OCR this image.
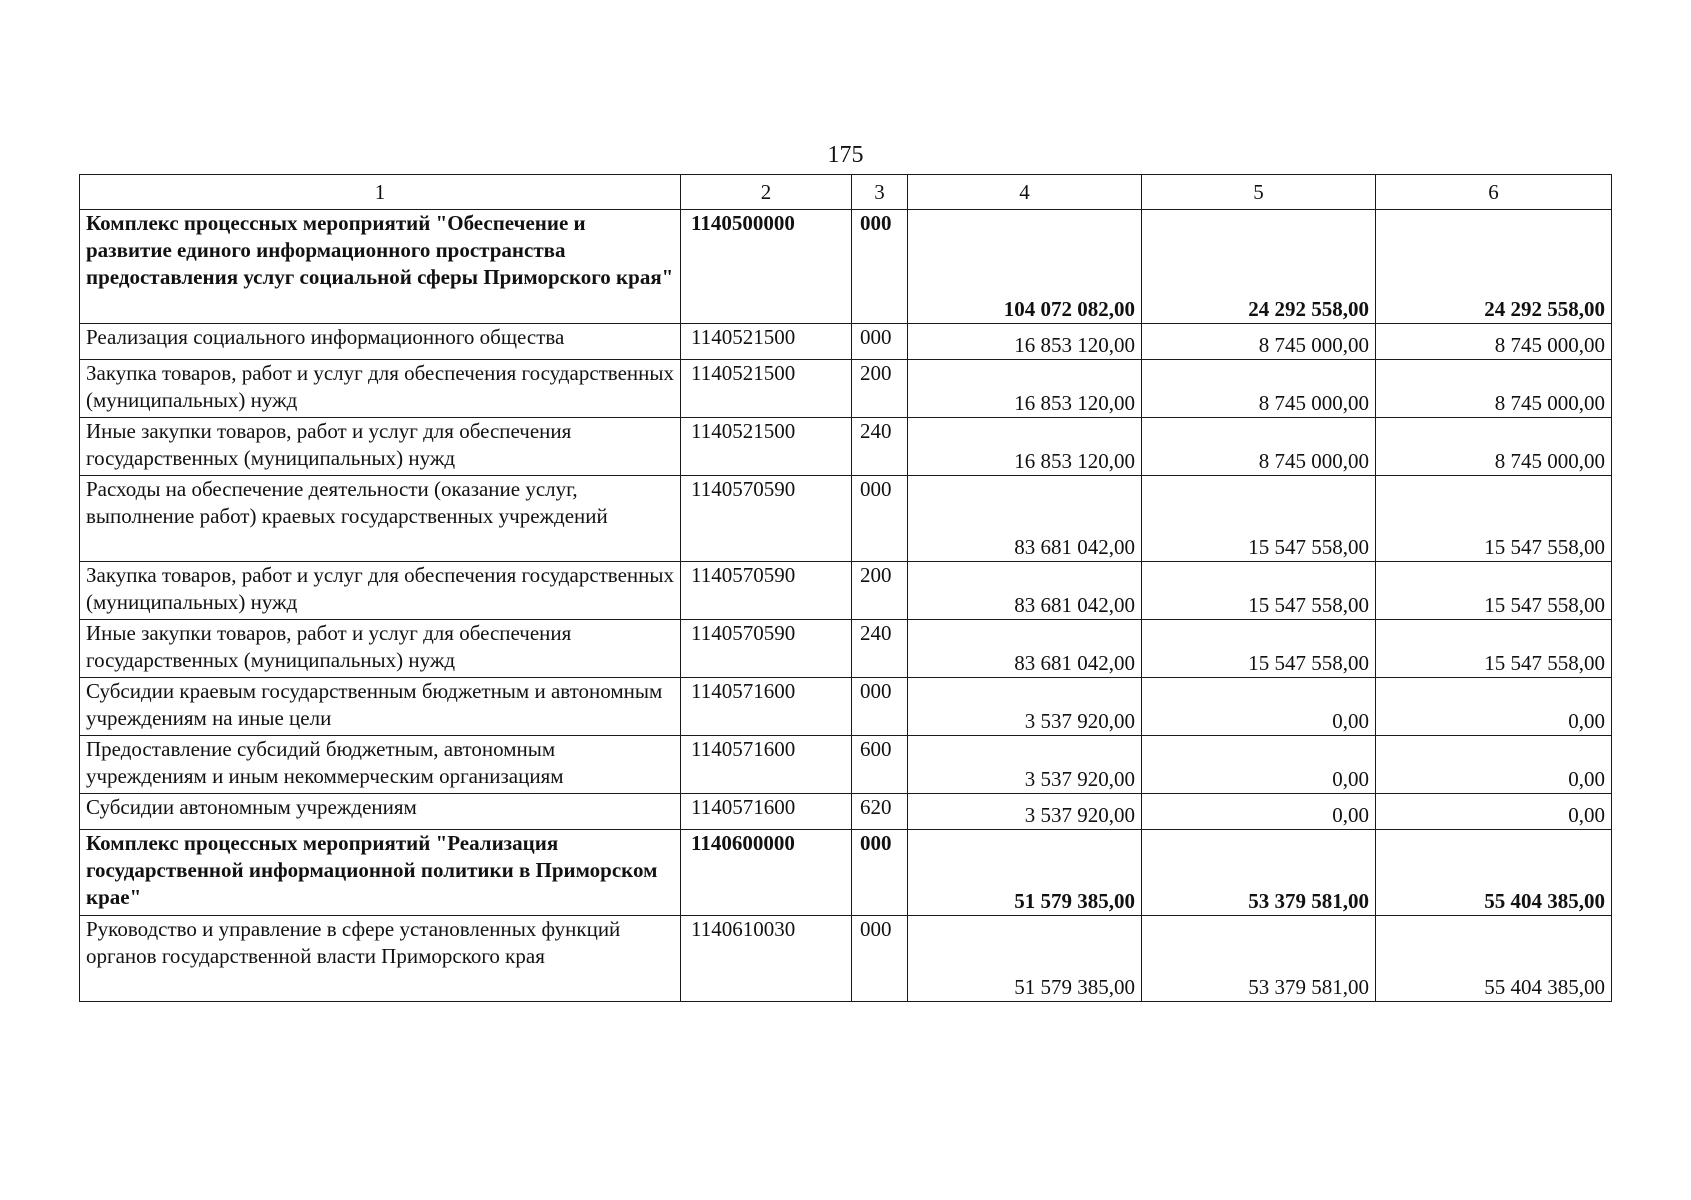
175
1	2	3	4	5	6
Комплекс процессных мероприятий "Обеспечение и развитие единого информационного пространства предоставления услуг социальной сферы Приморского края"	1140500000	000	104 072 082,00	24 292 558,00	24 292 558,00
Реализация социального информационного общества	1140521500	000	16 853 120,00	8 745 000,00	8 745 000,00
Закупка товаров, работ и услуг для обеспечения государственных (муниципальных) нужд	1140521500	200	16 853 120,00	8 745 000,00	8 745 000,00
Иные закупки товаров, работ и услуг для обеспечения государственных (муниципальных) нужд	1140521500	240	16 853 120,00	8 745 000,00	8 745 000,00
Расходы на обеспечение деятельности (оказание услуг, выполнение работ) краевых государственных учреждений	1140570590	000	83 681 042,00	15 547 558,00	15 547 558,00
Закупка товаров, работ и услуг для обеспечения государственных (муниципальных) нужд	1140570590	200	83 681 042,00	15 547 558,00	15 547 558,00
Иные закупки товаров, работ и услуг для обеспечения государственных (муниципальных) нужд	1140570590	240	83 681 042,00	15 547 558,00	15 547 558,00
Субсидии краевым государственным бюджетным и автономным учреждениям на иные цели	1140571600	000	3 537 920,00	0,00	0,00
Предоставление субсидий бюджетным, автономным учреждениям и иным некоммерческим организациям	1140571600	600	3 537 920,00	0,00	0,00
Субсидии автономным учреждениям	1140571600	620	3 537 920,00	0,00	0,00
Комплекс процессных мероприятий "Реализация государственной информационной политики в Приморском крае"	1140600000	000	51 579 385,00	53 379 581,00	55 404 385,00
Руководство и управление в сфере установленных функций органов государственной власти Приморского края	1140610030	000	51 579 385,00	53 379 581,00	55 404 385,00
